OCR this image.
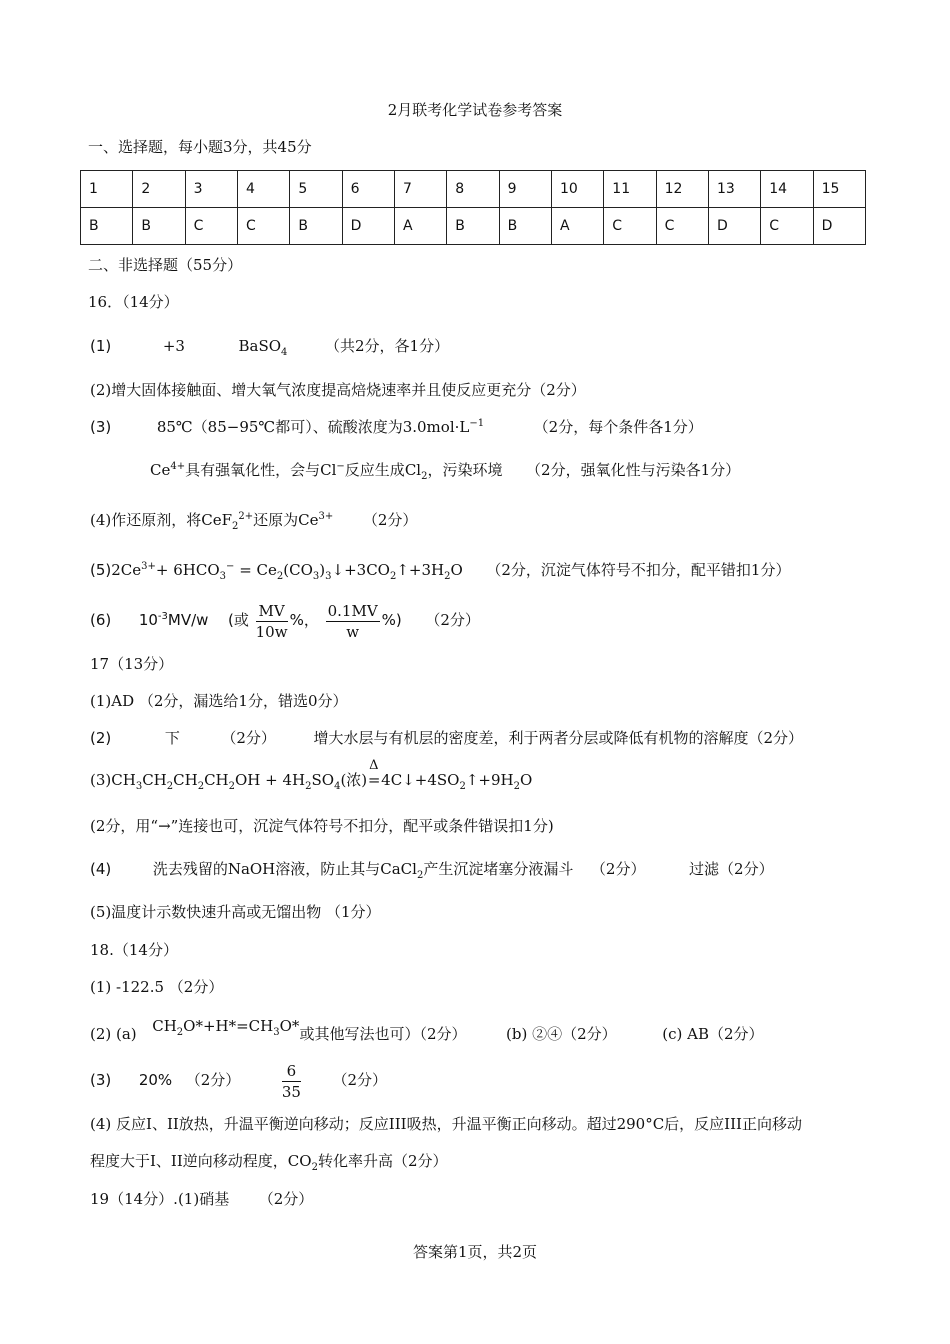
2月联考化学试卷参考答案
一、选择题，每小题3分，共45分
1	2	3	4	5	6	7	8	9	10	11	12	13	14	15
B	B	C	C	B	D	A	B	B	A	C	C	D	C	D
二、非选择题（55分）
16．（14分）
(1)	+3	BaSO$_4$	（共2分，各1分）
(2)增大固体接触面、增大氧气浓度提高焙烧速率并且使反应更充分（2分）
(3)	85℃（85−95℃都可）、硫酸浓度为$3.0mol\cdot L^{-1}$	（2分，每个条件各1分）
$Ce^{4+}$具有强氧化性，会与Cl−反应生成$Cl_2$，污染环境 （2分，强氧化性与污染各1分）
(4)作还原剂，将CeF$_2^{2+}$还原为$Ce^{3+}$ （2分）
$(5)2Ce^{3+}+ 6HCO_3^-$ = $Ce_2(CO_3)_3↓+3CO_2↑+3H_2O$ （2分，沉淀气体符号不扣分，配平错扣1分）
(6) $10^{-3}MV/w$ (或 $\frac{MV}{10w}$ %， $\frac{0.1MV}{w}$ %) （2分）
17（13分）
(1)AD （2分，漏选给1分，错选0分）
(2)	下	（2分）	增大水层与有机层的密度差，利于两者分层或降低有机物的溶解度（2分）
$(3)CH_3CH_2CH_2CH_2OH + 4H_2SO_4$(浓)
Δ
$=4C↓+4SO_2↑+9H_2O$
(2分，用“→”连接也可，沉淀气体符号不扣分，配平或条件错误扣1分)
(4)	洗去残留的NaOH溶液，防止其与CaCl$_2$产生沉淀堵塞分液漏斗 （2分）	过滤（2分）
(5)温度计示数快速升高或无馏出物 （1分）
18.（14分）
(1) -122.5 （2分）
(2) (a) $CH_2O*+H*=CH_3O*$或其他写法也可）（2分）	(b) ②④（2分）	(c) AB（2分）
(3) 20% （2分）	$\frac{6}{35} (2$分）
(4) 反应I、II放热，升温平衡逆向移动；反应III吸热，升温平衡正向移动。超过290°C后，反应III正向移动
程度大于I、II逆向移动程度，$CO_2$转化率升高（2分）
19（14分）.(1)硝基 （2分）
答案第1页，共2页
